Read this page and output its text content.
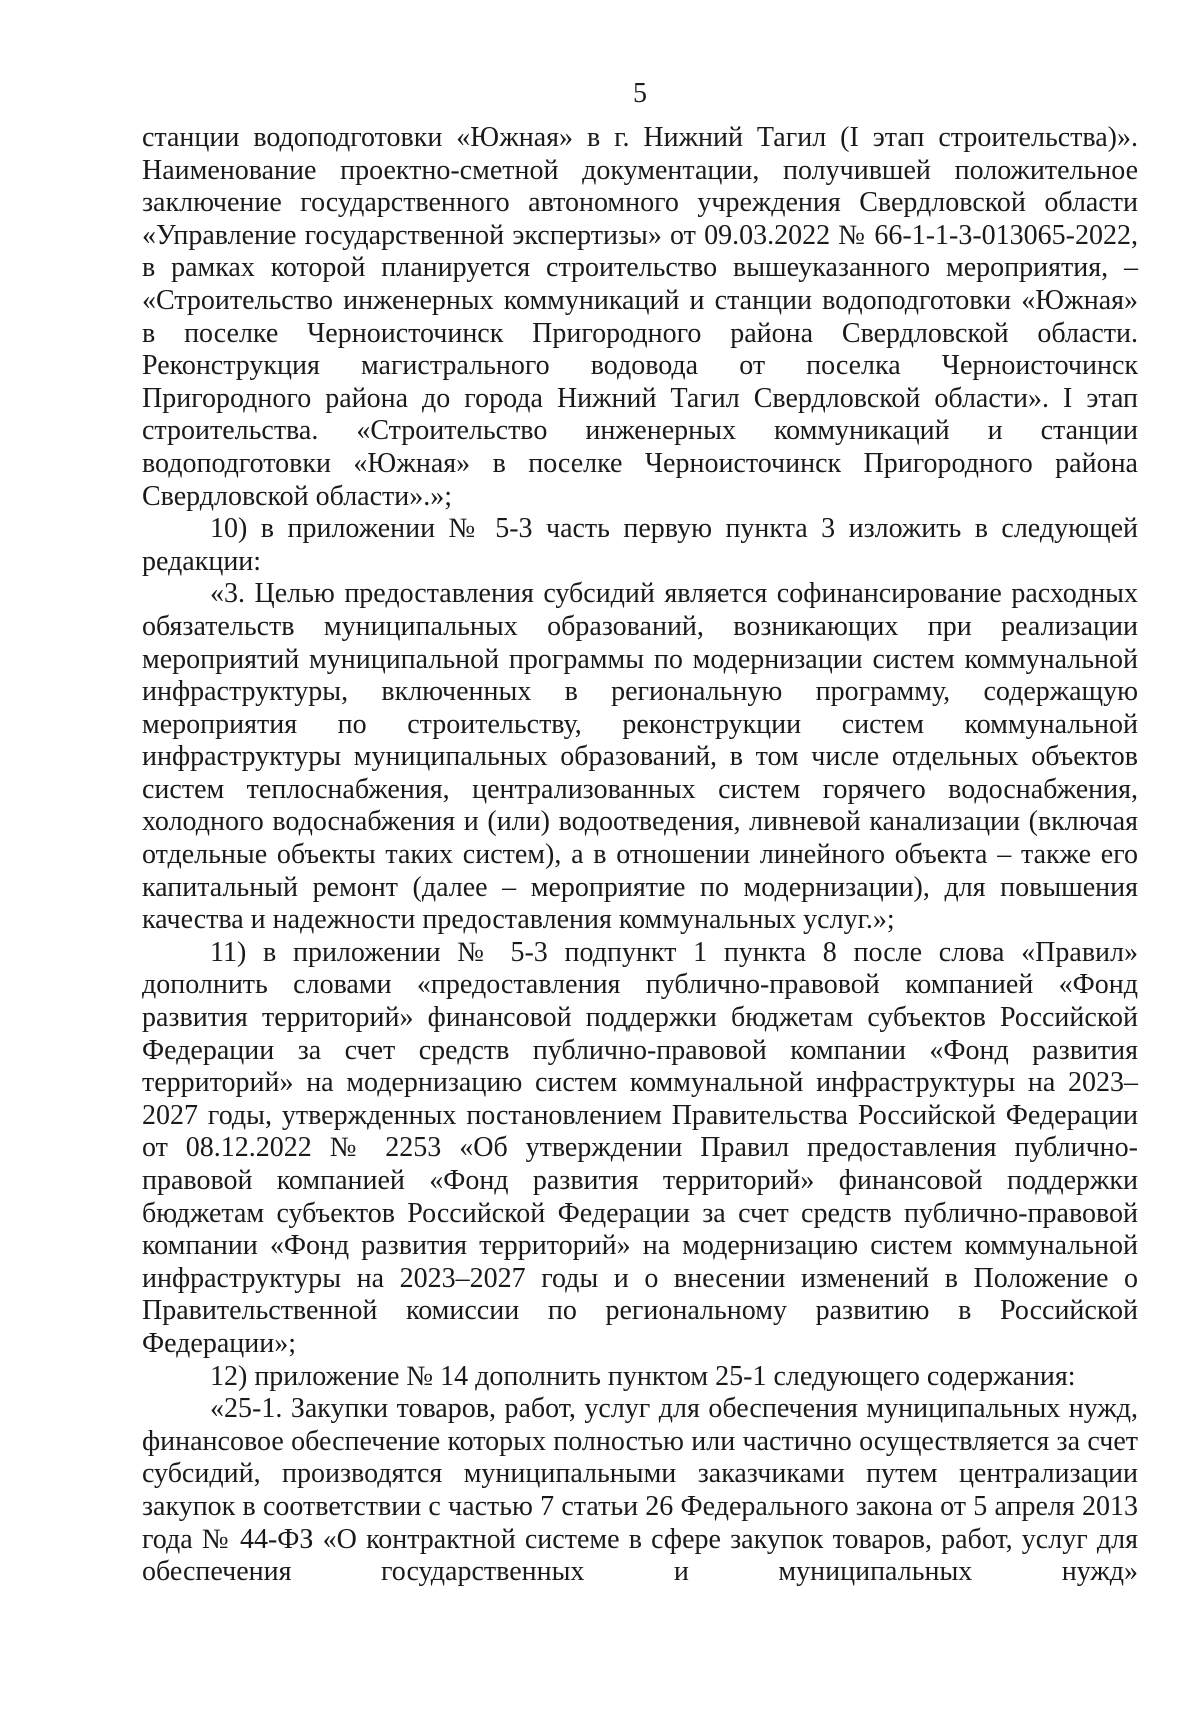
5

станции водоподготовки «Южная» в г. Нижний Тагил (I этап строительства)». Наименование проектно-сметной документации, получившей положительное заключение государственного автономного учреждения Свердловской области «Управление государственной экспертизы» от 09.03.2022 № 66-1-1-3-013065-2022, в рамках которой планируется строительство вышеуказанного мероприятия, – «Строительство инженерных коммуникаций и станции водоподготовки «Южная» в поселке Черноисточинск Пригородного района Свердловской области. Реконструкция магистрального водовода от поселка Черноисточинск Пригородного района до города Нижний Тагил Свердловской области». I этап строительства. «Строительство инженерных коммуникаций и станции водоподготовки «Южная» в поселке Черноисточинск Пригородного района Свердловской области».»;

10) в приложении № 5-3 часть первую пункта 3 изложить в следующей редакции:

«3. Целью предоставления субсидий является софинансирование расходных обязательств муниципальных образований, возникающих при реализации мероприятий муниципальной программы по модернизации систем коммунальной инфраструктуры, включенных в региональную программу, содержащую мероприятия по строительству, реконструкции систем коммунальной инфраструктуры муниципальных образований, в том числе отдельных объектов систем теплоснабжения, централизованных систем горячего водоснабжения, холодного водоснабжения и (или) водоотведения, ливневой канализации (включая отдельные объекты таких систем), а в отношении линейного объекта – также его капитальный ремонт (далее – мероприятие по модернизации), для повышения качества и надежности предоставления коммунальных услуг.»;

11) в приложении № 5-3 подпункт 1 пункта 8 после слова «Правил» дополнить словами «предоставления публично-правовой компанией «Фонд развития территорий» финансовой поддержки бюджетам субъектов Российской Федерации за счет средств публично-правовой компании «Фонд развития территорий» на модернизацию систем коммунальной инфраструктуры на 2023–2027 годы, утвержденных постановлением Правительства Российской Федерации от 08.12.2022 № 2253 «Об утверждении Правил предоставления публично-правовой компанией «Фонд развития территорий» финансовой поддержки бюджетам субъектов Российской Федерации за счет средств публично-правовой компании «Фонд развития территорий» на модернизацию систем коммунальной инфраструктуры на 2023–2027 годы и о внесении изменений в Положение о Правительственной комиссии по региональному развитию в Российской Федерации»;

12) приложение № 14 дополнить пунктом 25-1 следующего содержания:

«25-1. Закупки товаров, работ, услуг для обеспечения муниципальных нужд, финансовое обеспечение которых полностью или частично осуществляется за счет субсидий, производятся муниципальными заказчиками путем централизации закупок в соответствии с частью 7 статьи 26 Федерального закона от 5 апреля 2013 года № 44-ФЗ «О контрактной системе в сфере закупок товаров, работ, услуг для обеспечения государственных и муниципальных нужд»
